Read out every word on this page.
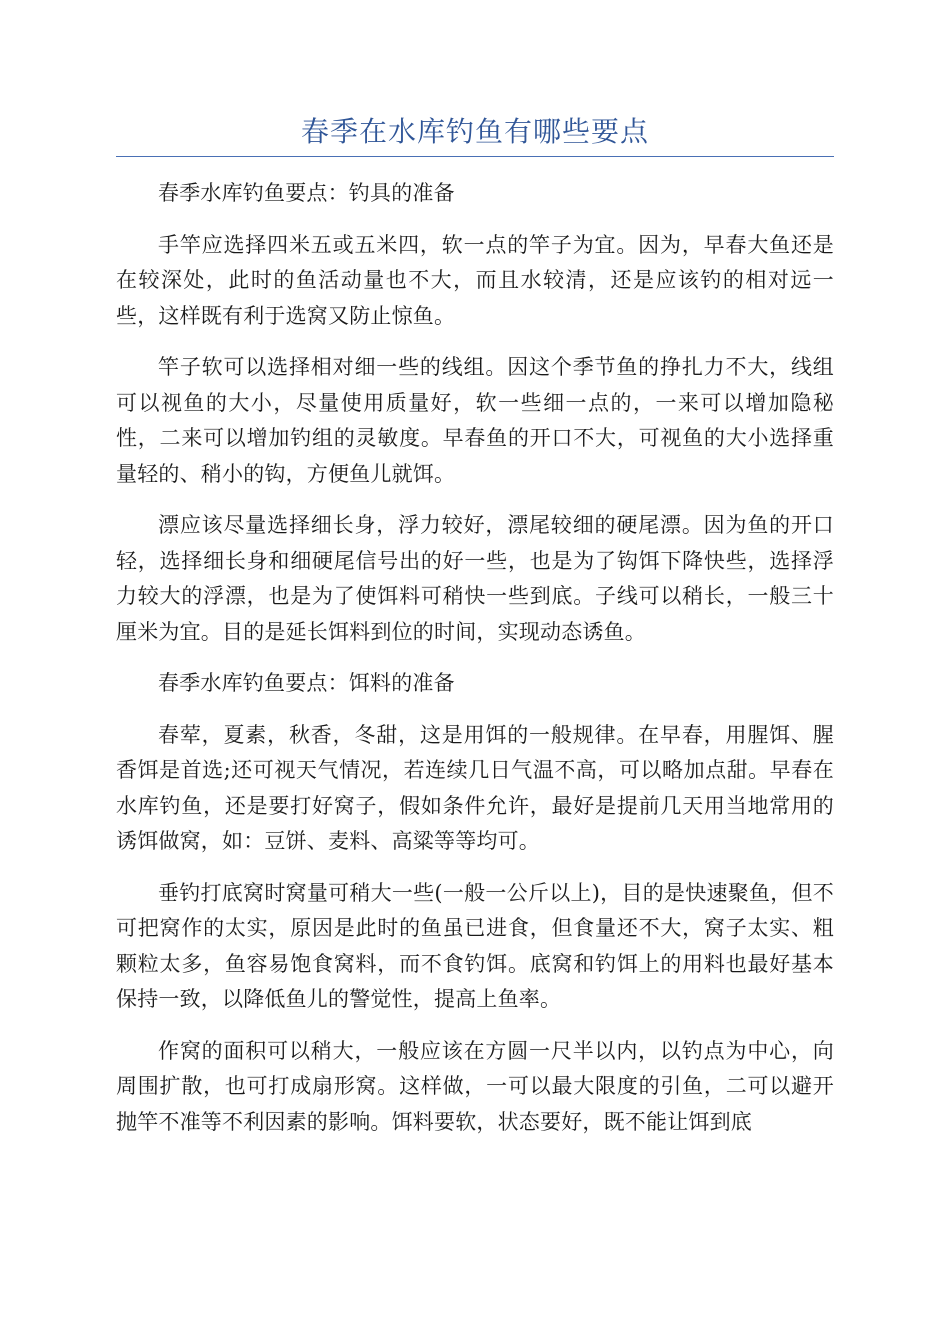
春季在水库钓鱼有哪些要点

春季水库钓鱼要点：钓具的准备

手竿应选择四米五或五米四，软一点的竿子为宜。因为，早春大鱼还是在较深处，此时的鱼活动量也不大，而且水较清，还是应该钓的相对远一些，这样既有利于选窝又防止惊鱼。

竿子软可以选择相对细一些的线组。因这个季节鱼的挣扎力不大，线组可以视鱼的大小，尽量使用质量好，软一些细一点的，一来可以增加隐秘性，二来可以增加钓组的灵敏度。早春鱼的开口不大，可视鱼的大小选择重量轻的、稍小的钩，方便鱼儿就饵。

漂应该尽量选择细长身，浮力较好，漂尾较细的硬尾漂。因为鱼的开口轻，选择细长身和细硬尾信号出的好一些，也是为了钩饵下降快些，选择浮力较大的浮漂，也是为了使饵料可稍快一些到底。子线可以稍长，一般三十厘米为宜。目的是延长饵料到位的时间，实现动态诱鱼。

春季水库钓鱼要点：饵料的准备

春荤，夏素，秋香，冬甜，这是用饵的一般规律。在早春，用腥饵、腥香饵是首选;还可视天气情况，若连续几日气温不高，可以略加点甜。早春在水库钓鱼，还是要打好窝子，假如条件允许，最好是提前几天用当地常用的诱饵做窝，如：豆饼、麦料、高粱等等均可。

垂钓打底窝时窝量可稍大一些(一般一公斤以上)，目的是快速聚鱼，但不可把窝作的太实，原因是此时的鱼虽已进食，但食量还不大，窝子太实、粗颗粒太多，鱼容易饱食窝料，而不食钓饵。底窝和钓饵上的用料也最好基本保持一致，以降低鱼儿的警觉性，提高上鱼率。

作窝的面积可以稍大，一般应该在方圆一尺半以内，以钓点为中心，向周围扩散，也可打成扇形窝。这样做，一可以最大限度的引鱼，二可以避开抛竿不准等不利因素的影响。饵料要软，状态要好，既不能让饵到底
